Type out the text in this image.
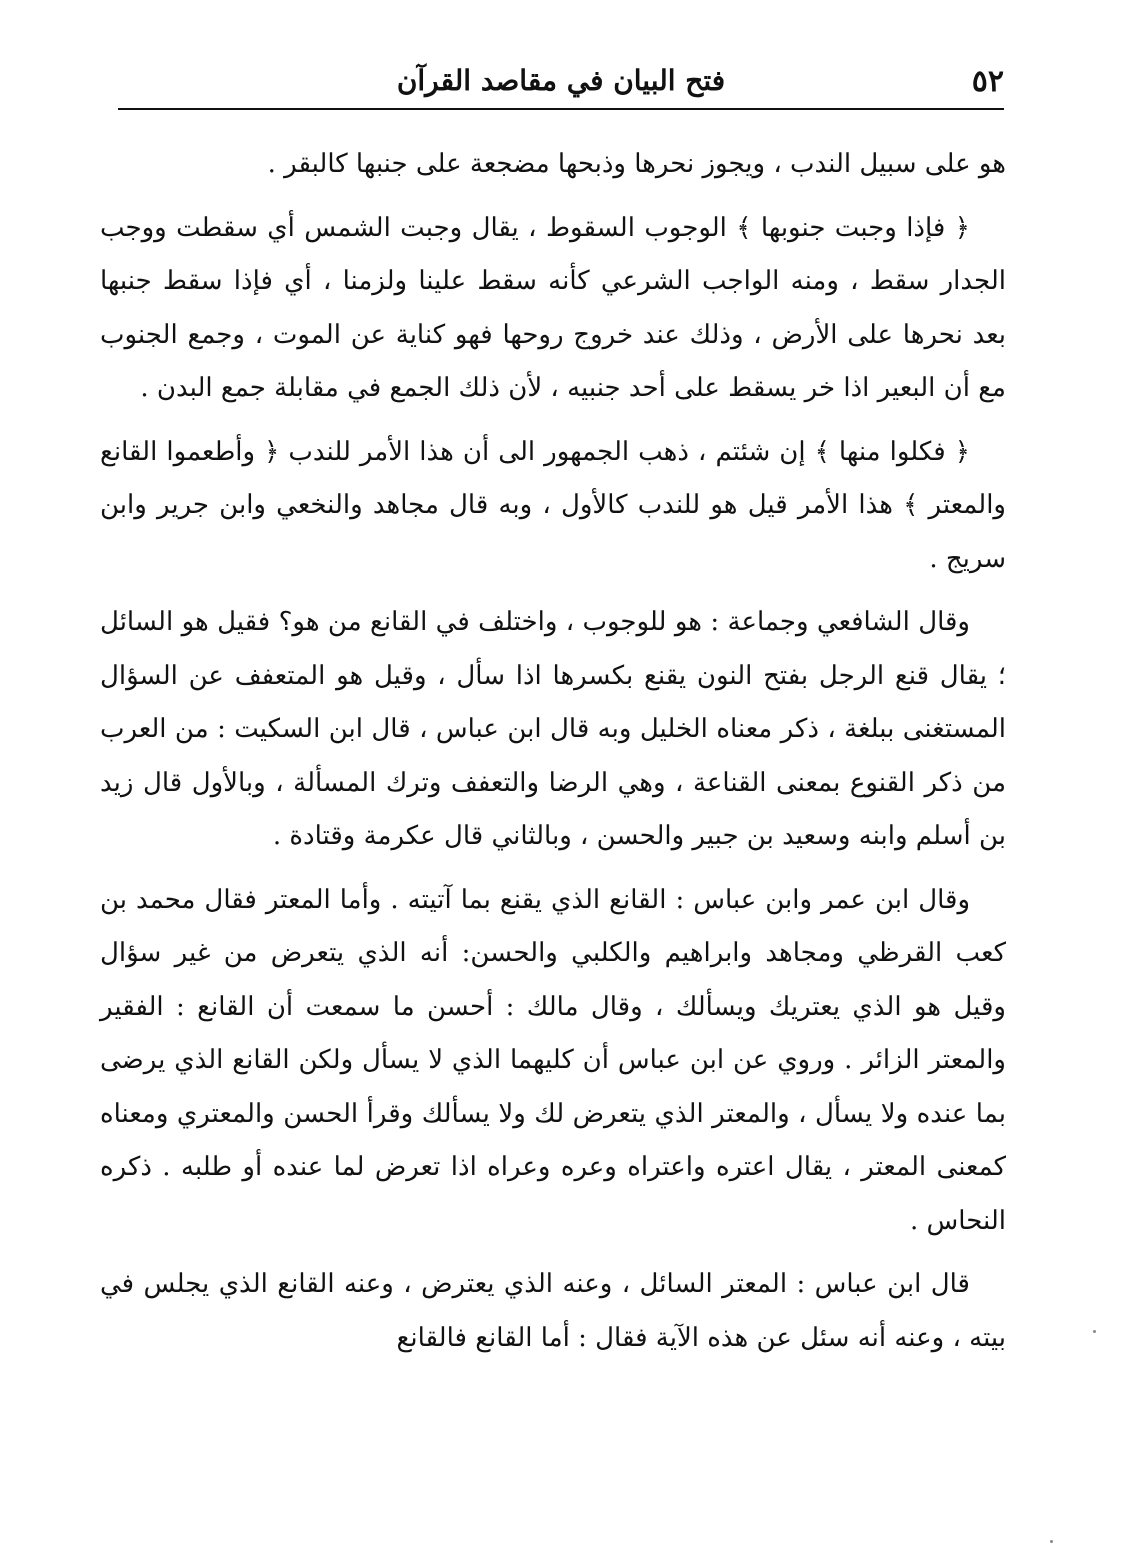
٥٢
فتح البيان في مقاصد القرآن

هو على سبيل الندب ، ويجوز نحرها وذبحها مضجعة على جنبها كالبقر .

﴿ فإذا وجبت جنوبها ﴾ الوجوب السقوط ، يقال وجبت الشمس أي سقطت ووجب الجدار سقط ، ومنه الواجب الشرعي كأنه سقط علينا ولزمنا ، أي فإذا سقط جنبها بعد نحرها على الأرض ، وذلك عند خروج روحها فهو كناية عن الموت ، وجمع الجنوب مع أن البعير اذا خر يسقط على أحد جنبيه ، لأن ذلك الجمع في مقابلة جمع البدن .

﴿ فكلوا منها ﴾ إن شئتم ، ذهب الجمهور الى أن هذا الأمر للندب ﴿ وأطعموا القانع والمعتر ﴾ هذا الأمر قيل هو للندب كالأول ، وبه قال مجاهد والنخعي وابن جرير وابن سريج .

وقال الشافعي وجماعة : هو للوجوب ، واختلف في القانع من هو؟ فقيل هو السائل ؛ يقال قنع الرجل بفتح النون يقنع بكسرها اذا سأل ، وقيل هو المتعفف عن السؤال المستغنى ببلغة ، ذكر معناه الخليل وبه قال ابن عباس ، قال ابن السكيت : من العرب من ذكر القنوع بمعنى القناعة ، وهي الرضا والتعفف وترك المسألة ، وبالأول قال زيد بن أسلم وابنه وسعيد بن جبير والحسن ، وبالثاني قال عكرمة وقتادة .

وقال ابن عمر وابن عباس : القانع الذي يقنع بما آتيته . وأما المعتر فقال محمد بن كعب القرظي ومجاهد وابراهيم والكلبي والحسن: أنه الذي يتعرض من غير سؤال وقيل هو الذي يعتريك ويسألك ، وقال مالك : أحسن ما سمعت أن القانع : الفقير والمعتر الزائر . وروي عن ابن عباس أن كليهما الذي لا يسأل ولكن القانع الذي يرضى بما عنده ولا يسأل ، والمعتر الذي يتعرض لك ولا يسألك وقرأ الحسن والمعتري ومعناه كمعنى المعتر ، يقال اعتره واعتراه وعره وعراه اذا تعرض لما عنده أو طلبه . ذكره النحاس .

قال ابن عباس : المعتر السائل ، وعنه الذي يعترض ، وعنه القانع الذي يجلس في بيته ، وعنه أنه سئل عن هذه الآية فقال : أما القانع فالقانع
